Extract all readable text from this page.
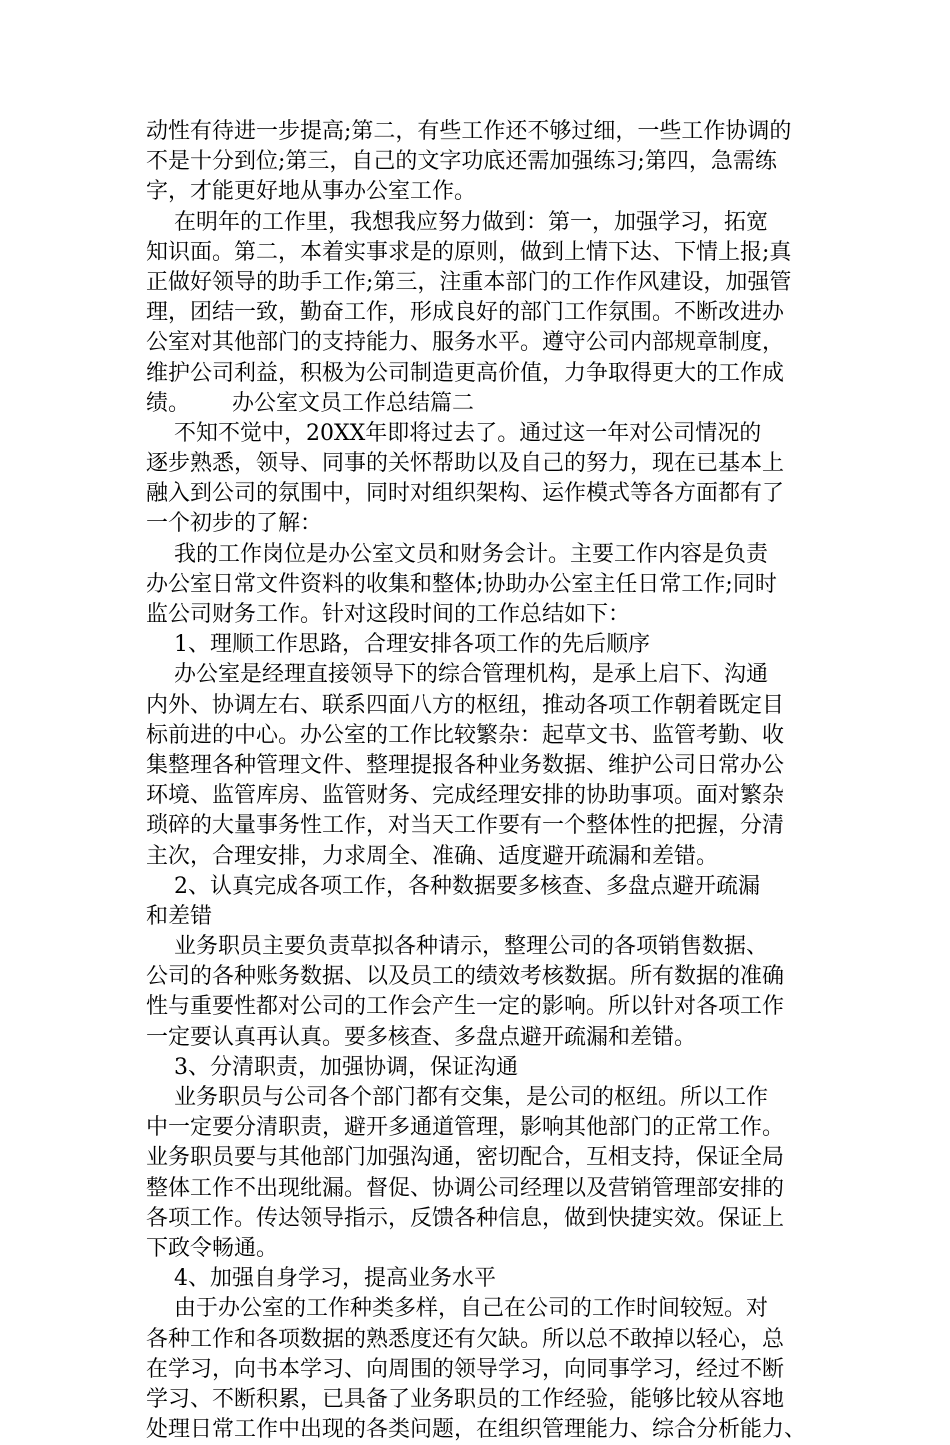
动性有待进一步提高;第二，有些工作还不够过细，一些工作协调的
不是十分到位;第三，自己的文字功底还需加强练习;第四，急需练
字，才能更好地从事办公室工作。
在明年的工作里，我想我应努力做到：第一，加强学习，拓宽
知识面。第二，本着实事求是的原则，做到上情下达、下情上报;真
正做好领导的助手工作;第三，注重本部门的工作作风建设，加强管
理，团结一致，勤奋工作，形成良好的部门工作氛围。不断改进办
公室对其他部门的支持能力、服务水平。遵守公司内部规章制度，
维护公司利益，积极为公司制造更高价值，力争取得更大的工作成
绩。      办公室文员工作总结篇二
不知不觉中，20XX年即将过去了。通过这一年对公司情况的
逐步熟悉，领导、同事的关怀帮助以及自己的努力，现在已基本上
融入到公司的氛围中，同时对组织架构、运作模式等各方面都有了
一个初步的了解：
我的工作岗位是办公室文员和财务会计。主要工作内容是负责
办公室日常文件资料的收集和整体;协助办公室主任日常工作;同时
监公司财务工作。针对这段时间的工作总结如下：
1、理顺工作思路，合理安排各项工作的先后顺序
办公室是经理直接领导下的综合管理机构，是承上启下、沟通
内外、协调左右、联系四面八方的枢纽，推动各项工作朝着既定目
标前进的中心。办公室的工作比较繁杂：起草文书、监管考勤、收
集整理各种管理文件、整理提报各种业务数据、维护公司日常办公
环境、监管库房、监管财务、完成经理安排的协助事项。面对繁杂
琐碎的大量事务性工作，对当天工作要有一个整体性的把握，分清
主次，合理安排，力求周全、准确、适度避开疏漏和差错。
2、认真完成各项工作，各种数据要多核查、多盘点避开疏漏
和差错
业务职员主要负责草拟各种请示，整理公司的各项销售数据、
公司的各种账务数据、以及员工的绩效考核数据。所有数据的准确
性与重要性都对公司的工作会产生一定的影响。所以针对各项工作
一定要认真再认真。要多核查、多盘点避开疏漏和差错。
3、分清职责，加强协调，保证沟通
业务职员与公司各个部门都有交集，是公司的枢纽。所以工作
中一定要分清职责，避开多通道管理，影响其他部门的正常工作。
业务职员要与其他部门加强沟通，密切配合，互相支持，保证全局
整体工作不出现纰漏。督促、协调公司经理以及营销管理部安排的
各项工作。传达领导指示，反馈各种信息，做到快捷实效。保证上
下政令畅通。
4、加强自身学习，提高业务水平
由于办公室的工作种类多样，自己在公司的工作时间较短。对
各种工作和各项数据的熟悉度还有欠缺。所以总不敢掉以轻心，总
在学习，向书本学习、向周围的领导学习，向同事学习，经过不断
学习、不断积累，已具备了业务职员的工作经验，能够比较从容地
处理日常工作中出现的各类问题，在组织管理能力、综合分析能力、
